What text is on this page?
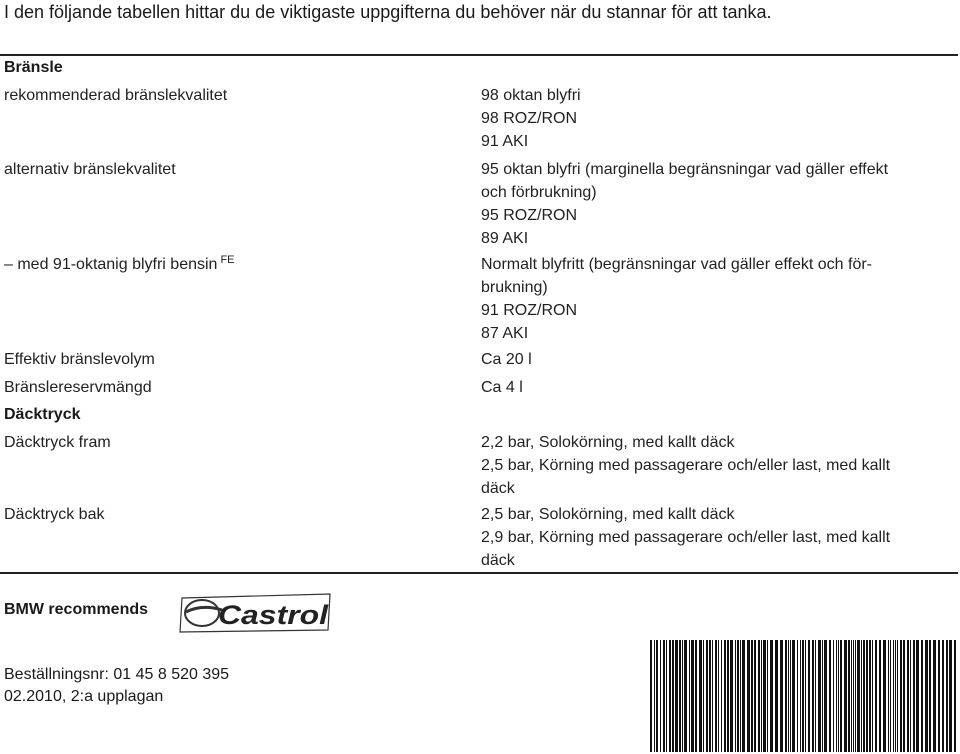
I den följande tabellen hittar du de viktigaste uppgifterna du behöver när du stannar för att tanka.
Bränsle
rekommenderad bränslekvalitet	98 oktan blyfri
98 ROZ/RON
91 AKI
alternativ bränslekvalitet	95 oktan blyfri (marginella begränsningar vad gäller effekt
och förbrukning)
95 ROZ/RON
89 AKI
– med 91-oktanig blyfri bensin $^{FE}$	Normalt blyfritt (begränsningar vad gäller effekt och för-
brukning)
91 ROZ/RON
87 AKI
Effektiv bränslevolym	Ca 20 l
Bränslereservmängd	Ca 4 l
Däcktryck
Däcktryck fram	2,2 bar, Solokörning, med kallt däck
2,5 bar, Körning med passagerare och/eller last, med kallt
däck
Däcktryck bak	2,5 bar, Solokörning, med kallt däck
2,9 bar, Körning med passagerare och/eller last, med kallt
däck
BMW recommends	Castrol
Beställningsnr: 01 45 8 520 395
02.2010, 2:a upplagan
